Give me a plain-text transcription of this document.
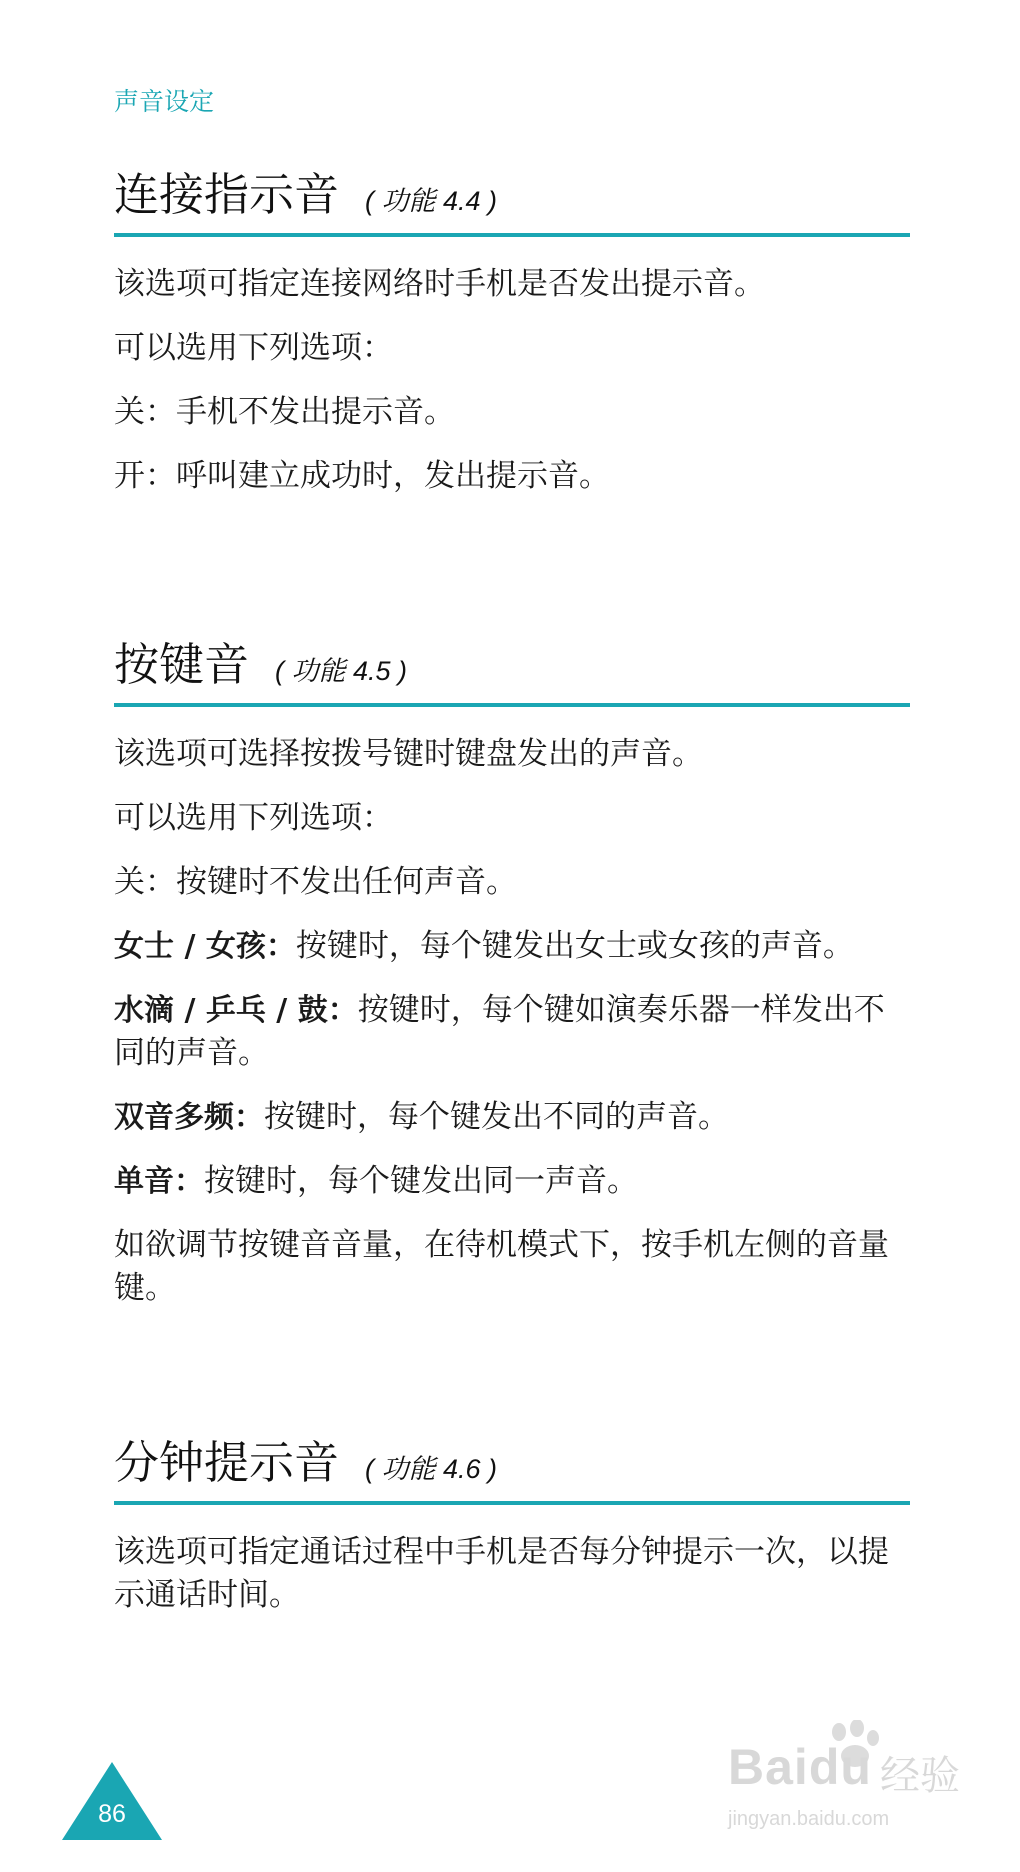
声音设定
连接指示音 ( 功能 4.4 )

该选项可指定连接网络时手机是否发出提示音。

可以选用下列选项：

关：手机不发出提示音。

开：呼叫建立成功时，发出提示音。

按键音 ( 功能 4.5 )

该选项可选择按拨号键时键盘发出的声音。

可以选用下列选项：

关：按键时不发出任何声音。

女士 / 女孩：按键时，每个键发出女士或女孩的声音。

水滴 / 乒乓 / 鼓：按键时，每个键如演奏乐器一样发出不同的声音。

双音多频：按键时，每个键发出不同的声音。

单音：按键时，每个键发出同一声音。

如欲调节按键音音量，在待机模式下，按手机左侧的音量键。

分钟提示音 ( 功能 4.6 )

该选项可指定通话过程中手机是否每分钟提示一次，以提示通话时间。

86
Baidu 经验
jingyan.baidu.com
